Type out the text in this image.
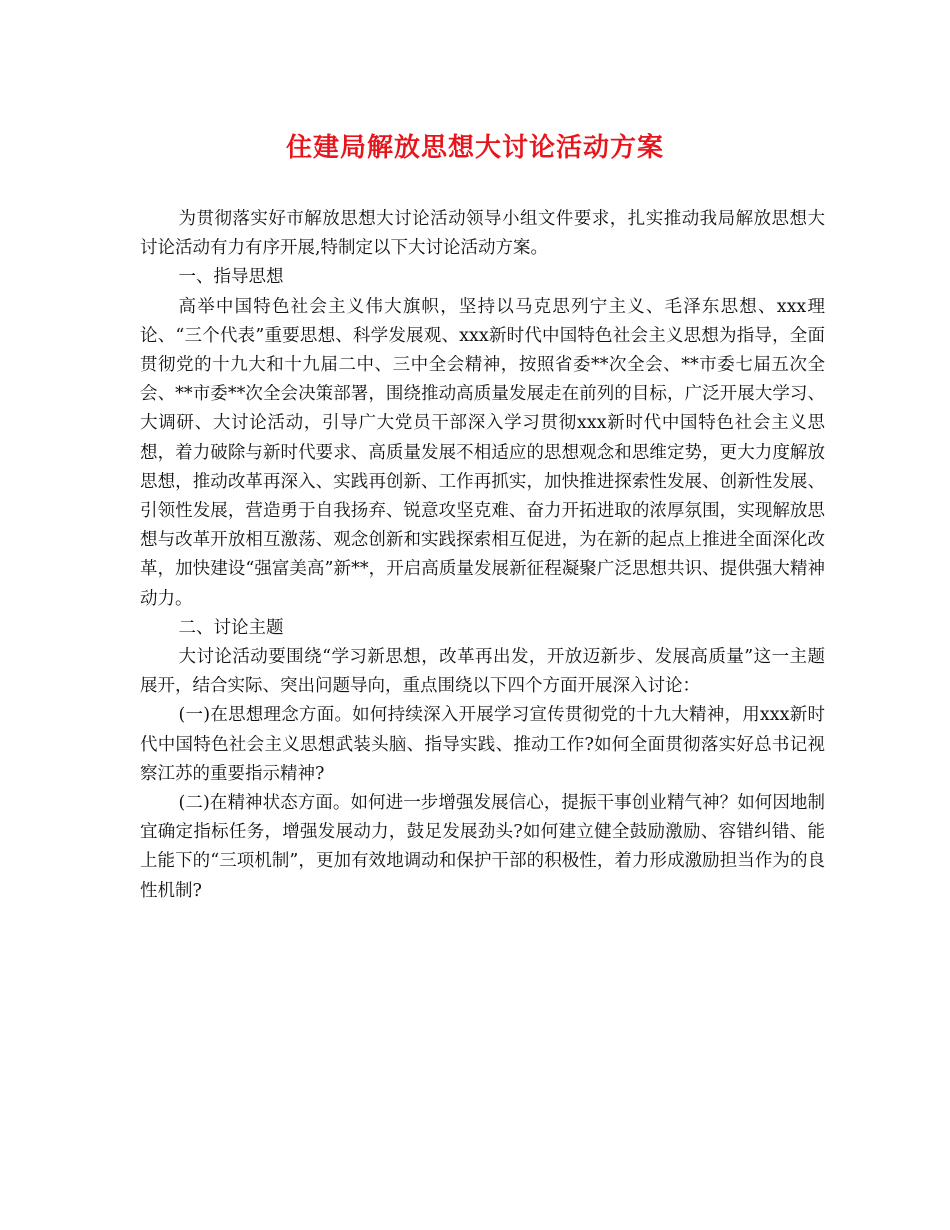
住建局解放思想大讨论活动方案

为贯彻落实好市解放思想大讨论活动领导小组文件要求，扎实推动我局解放思想大讨论活动有力有序开展,特制定以下大讨论活动方案。

一、指导思想

高举中国特色社会主义伟大旗帜，坚持以马克思列宁主义、毛泽东思想、xxx理论、“三个代表”重要思想、科学发展观、xxx新时代中国特色社会主义思想为指导，全面贯彻党的十九大和十九届二中、三中全会精神，按照省委**次全会、**市委七届五次全会、**市委**次全会决策部署，围绕推动高质量发展走在前列的目标，广泛开展大学习、大调研、大讨论活动，引导广大党员干部深入学习贯彻xxx新时代中国特色社会主义思想，着力破除与新时代要求、高质量发展不相适应的思想观念和思维定势，更大力度解放思想，推动改革再深入、实践再创新、工作再抓实，加快推进探索性发展、创新性发展、引领性发展，营造勇于自我扬弃、锐意攻坚克难、奋力开拓进取的浓厚氛围，实现解放思想与改革开放相互激荡、观念创新和实践探索相互促进，为在新的起点上推进全面深化改革，加快建设“强富美高”新**，开启高质量发展新征程凝聚广泛思想共识、提供强大精神动力。

二、讨论主题

大讨论活动要围绕“学习新思想，改革再出发，开放迈新步、发展高质量”这一主题展开，结合实际、突出问题导向，重点围绕以下四个方面开展深入讨论：

(一)在思想理念方面。如何持续深入开展学习宣传贯彻党的十九大精神，用xxx新时代中国特色社会主义思想武装头脑、指导实践、推动工作?如何全面贯彻落实好总书记视察江苏的重要指示精神?

(二)在精神状态方面。如何进一步增强发展信心，提振干事创业精气神？如何因地制宜确定指标任务，增强发展动力，鼓足发展劲头?如何建立健全鼓励激励、容错纠错、能上能下的“三项机制”，更加有效地调动和保护干部的积极性，着力形成激励担当作为的良性机制?
